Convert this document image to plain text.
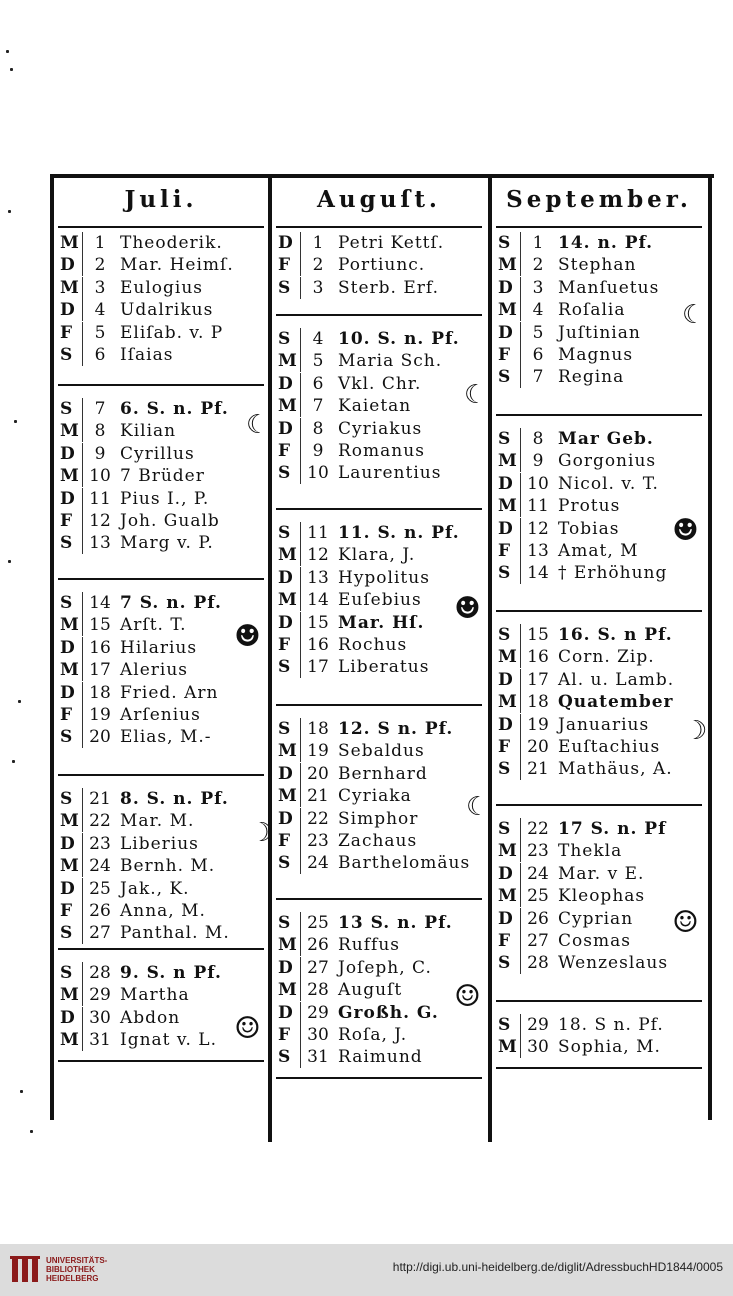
Juli.
M 1 Theoderik.
D	2 Mar. Heimſ.
M 3 Eulogius
D	4 Udalrikus
F	5 Eliſab. v. P
S	6 Iſaias
S	7 6. S. n. Pf.
M 8 Kilian
D	9 Cyrillus
M 10 7 Brüder
D 11 Pius I., P.
F	12 Joh. Gualb
S 13 Marg v. P.
S 14 7 S. n. Pf.
M 15 Arſt. T.
D 16 Hilarius
M 17 Alerius
D 18 Fried. Arn
F	19 Arſenius
S 20 Elias, M.-
S 21 8. S. n. Pf.
M 22 Mar. M.
D 23 Liberius
M 24 Bernh. M.
D 25 Jak., K.
F	26 Anna, M.
S 27 Panthal. M.
S 28 9. S. n Pf.
M 29 Martha
D 30 Abdon
M 31 Ignat v. L.
Auguſt.
D	1 Petri Kettſ.
F	2 Portiunc.
S	3 Sterb. Erf.
S	4 10. S. n. Pf.
M 5 Maria Sch.
D	6 Vkl. Chr.
M 7 Kaietan
D	8 Cyriakus
F	9 Romanus
S 10 Laurentius
S 11 11. S. n. Pf.
M 12 Klara, J.
D 13 Hypolitus
M 14 Euſebius
D 15 Mar. Hſ.
F	16 Rochus
S 17 Liberatus
S 18 12. S n. Pf.
M 19 Sebaldus
D 20 Bernhard
M 21 Cyriaka
D 22 Simphor
F	23 Zachaus
S 24 Barthelomäus
S 25 13 S. n. Pf.
M 26 Ruffus
D 27 Joſeph, C.
M 28 Auguſt
D 29 Großh. G.
F	30 Roſa, J.
S 31 Raimund
September.
S	1 14. n. Pf.
M 2 Stephan
D	3 Manſuetus
M 4 Roſalia
D	5 Juſtinian
F	6 Magnus
S	7 Regina
S	8 Mar Geb.
M 9 Gorgonius
D 10 Nicol. v. T.
M 11 Protus
D 12 Tobias
F	13 Amat, M
S 14 † Erhöhung
S 15 16. S. n Pf.
M 16 Corn. Zip.
D 17 Al. u. Lamb.
M 18 Quatember
D 19 Januarius
F	20 Euſtachius
S 21 Mathäus, A.
S 22 17 S. n. Pf
M 23 Thekla
D 24 Mar. v E.
M 25 Kleophas
D 26 Cyprian
F	27 Cosmas
S 28 Wenzeslaus
S 29 18. S n. Pf.
M 30 Sophia, M.
☾
☻
☽
☺
☾
☻
☾
☺
☾
☻
☽
☺
UNIVERSITÄTS-
BIBLIOTHEK
HEIDELBERG
http://digi.ub.uni-heidelberg.de/diglit/AdressbuchHD1844/0005
